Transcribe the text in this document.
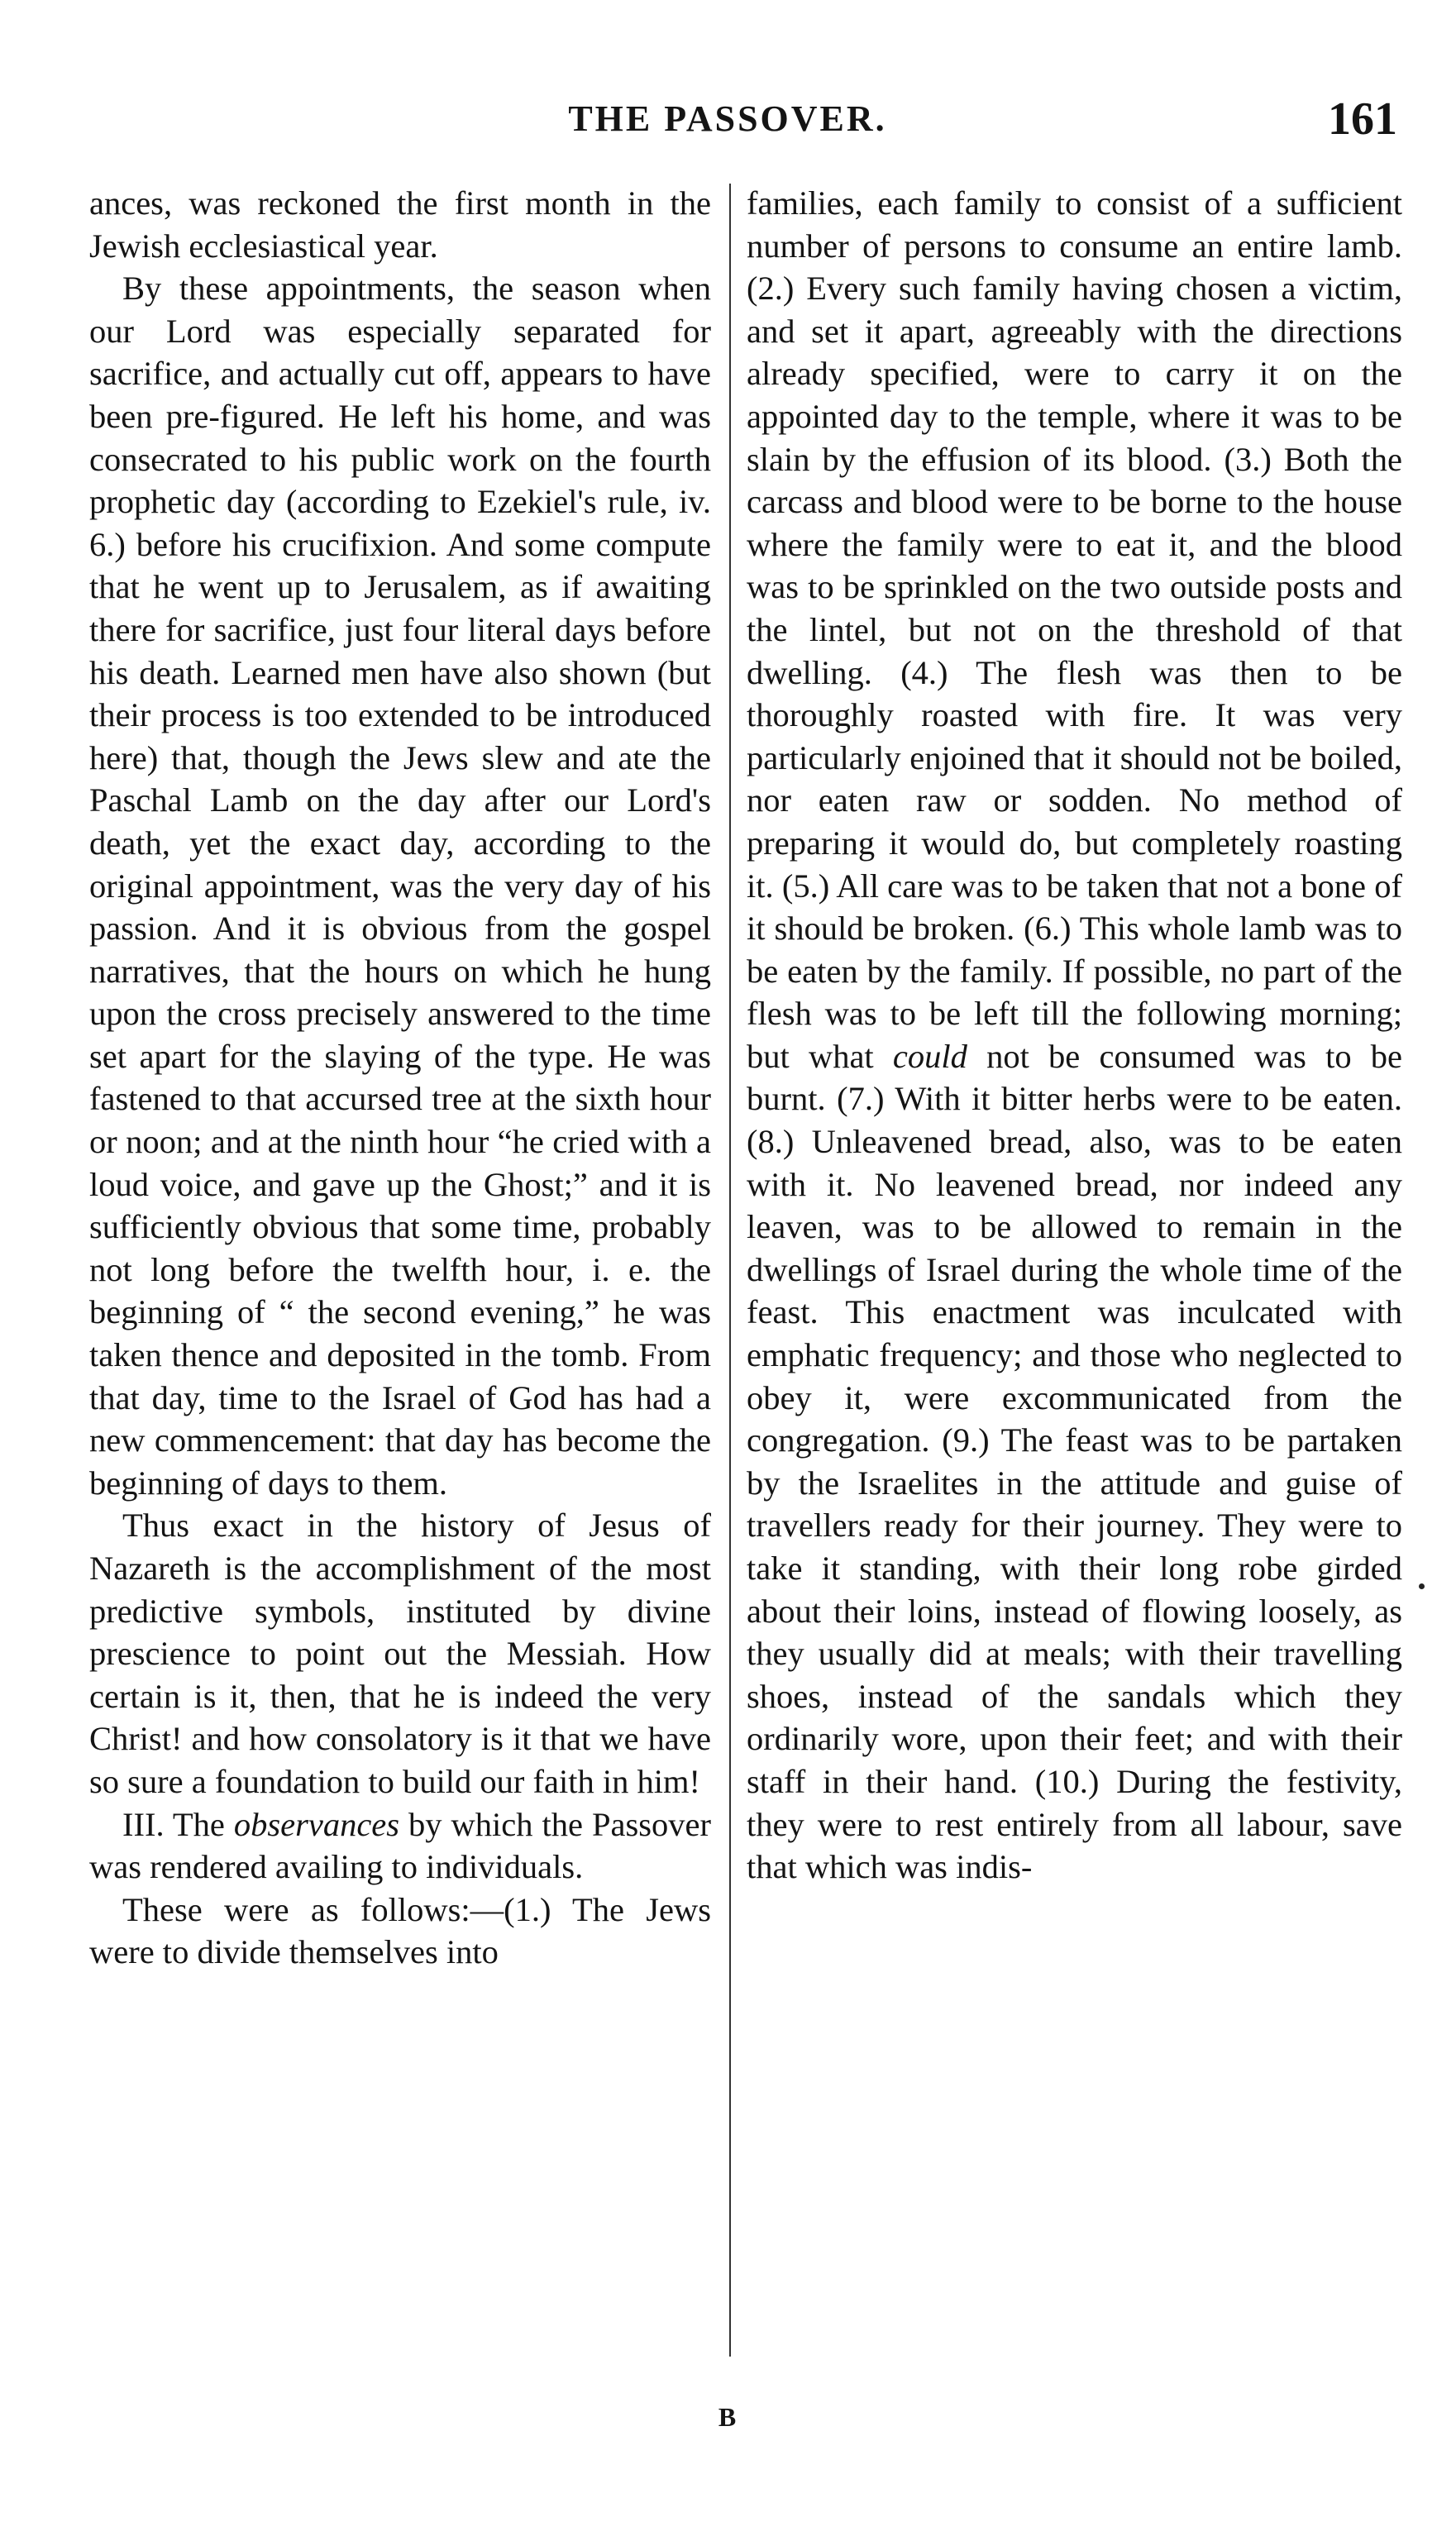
THE PASSOVER.	161

ances, was reckoned the first month in the Jewish ecclesiastical year.

By these appointments, the season when our Lord was especially separated for sacrifice, and actually cut off, appears to have been pre-figured. He left his home, and was consecrated to his public work on the fourth prophetic day (according to Ezekiel's rule, iv. 6.) before his crucifixion. And some compute that he went up to Jerusalem, as if awaiting there for sacrifice, just four literal days before his death. Learned men have also shown (but their process is too extended to be introduced here) that, though the Jews slew and ate the Paschal Lamb on the day after our Lord's death, yet the exact day, according to the original appointment, was the very day of his passion. And it is obvious from the gospel narratives, that the hours on which he hung upon the cross precisely answered to the time set apart for the slaying of the type. He was fastened to that accursed tree at the sixth hour or noon; and at the ninth hour “he cried with a loud voice, and gave up the Ghost;” and it is sufficiently obvious that some time, probably not long before the twelfth hour, i. e. the beginning of “ the second evening,” he was taken thence and deposited in the tomb. From that day, time to the Israel of God has had a new commencement: that day has become the beginning of days to them.

Thus exact in the history of Jesus of Nazareth is the accomplishment of the most predictive symbols, instituted by divine prescience to point out the Messiah. How certain is it, then, that he is indeed the very Christ! and how consolatory is it that we have so sure a foundation to build our faith in him!

III. The observances by which the Passover was rendered availing to individuals.

These were as follows:—(1.) The Jews were to divide themselves into

families, each family to consist of a sufficient number of persons to consume an entire lamb. (2.) Every such family having chosen a victim, and set it apart, agreeably with the directions already specified, were to carry it on the appointed day to the temple, where it was to be slain by the effusion of its blood. (3.) Both the carcass and blood were to be borne to the house where the family were to eat it, and the blood was to be sprinkled on the two outside posts and the lintel, but not on the threshold of that dwelling. (4.) The flesh was then to be thoroughly roasted with fire. It was very particularly enjoined that it should not be boiled, nor eaten raw or sodden. No method of preparing it would do, but completely roasting it. (5.) All care was to be taken that not a bone of it should be broken. (6.) This whole lamb was to be eaten by the family. If possible, no part of the flesh was to be left till the following morning; but what could not be consumed was to be burnt. (7.) With it bitter herbs were to be eaten. (8.) Unleavened bread, also, was to be eaten with it. No leavened bread, nor indeed any leaven, was to be allowed to remain in the dwellings of Israel during the whole time of the feast. This enactment was inculcated with emphatic frequency; and those who neglected to obey it, were excommunicated from the congregation. (9.) The feast was to be partaken by the Israelites in the attitude and guise of travellers ready for their journey. They were to take it standing, with their long robe girded about their loins, instead of flowing loosely, as they usually did at meals; with their travelling shoes, instead of the sandals which they ordinarily wore, upon their feet; and with their staff in their hand. (10.) During the festivity, they were to rest entirely from all labour, save that which was indis-

B
